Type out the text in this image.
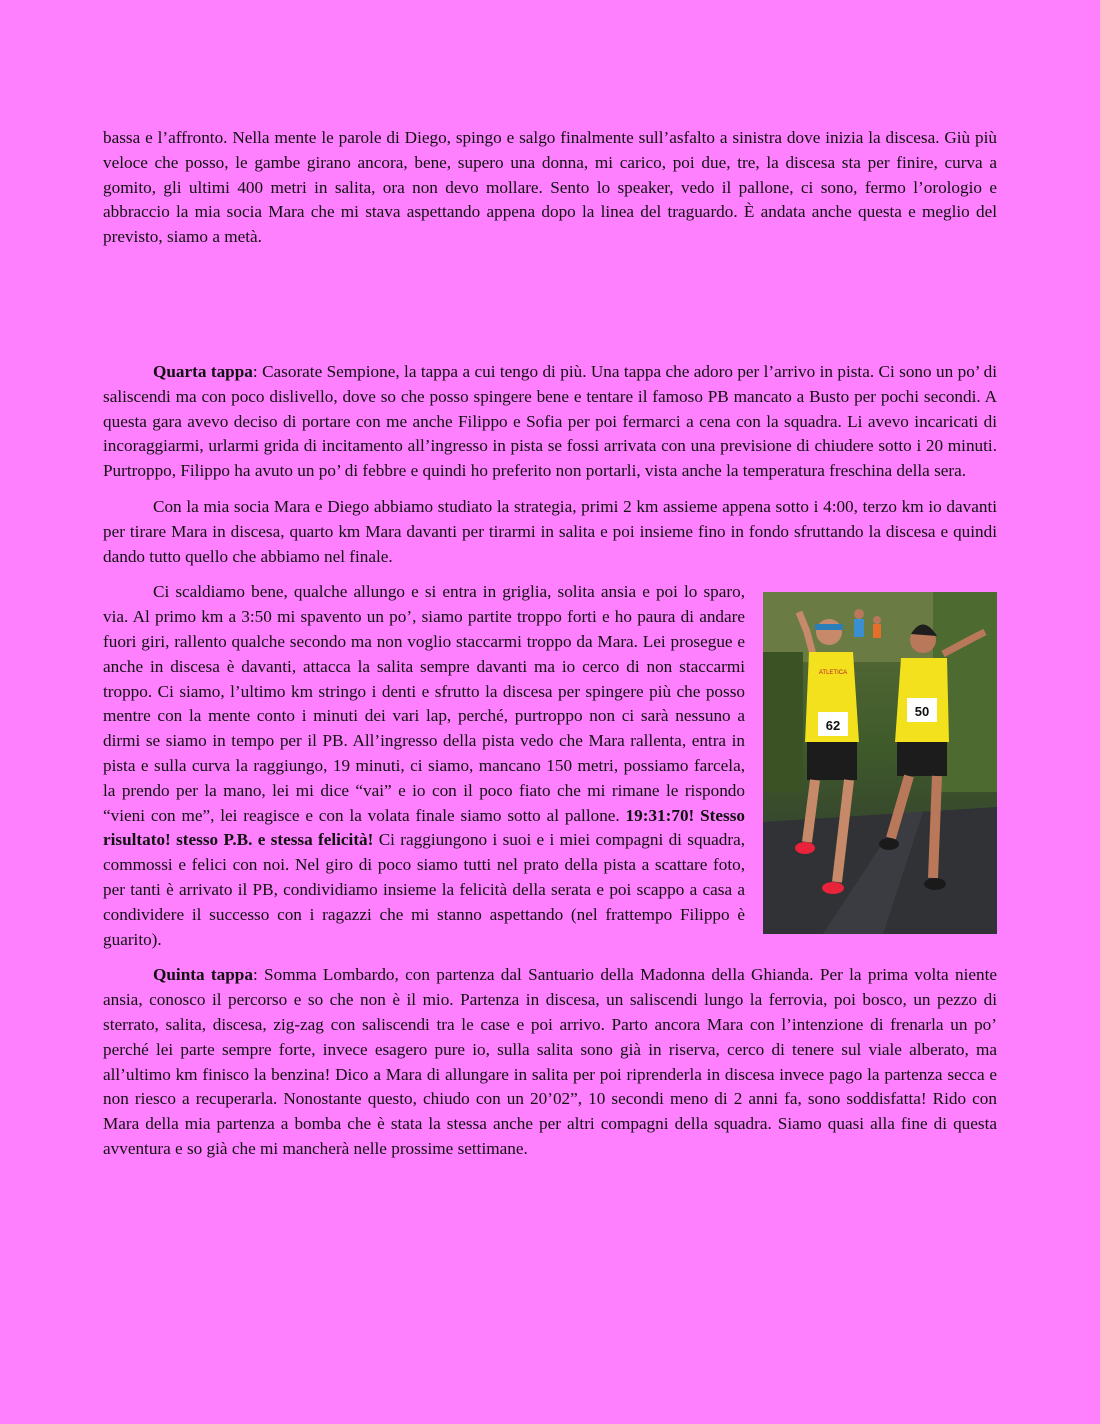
bassa e l’affronto. Nella mente le parole di Diego, spingo e salgo finalmente sull’asfalto a sinistra dove inizia la discesa. Giù più veloce che posso, le gambe girano ancora, bene, supero una donna, mi carico, poi due, tre, la discesa sta per finire, curva a gomito, gli ultimi 400 metri in salita, ora non devo mollare. Sento lo speaker, vedo il pallone, ci sono, fermo l’orologio e abbraccio la mia socia Mara che mi stava aspettando appena dopo la linea del traguardo. È andata anche questa e meglio del previsto, siamo a metà.

Quarta tappa: Casorate Sempione, la tappa a cui tengo di più. Una tappa che adoro per l’arrivo in pista. Ci sono un po’ di saliscendi ma con poco dislivello, dove so che posso spingere bene e tentare il famoso PB mancato a Busto per pochi secondi. A questa gara avevo deciso di portare con me anche Filippo e Sofia per poi fermarci a cena con la squadra. Li avevo incaricati di incoraggiarmi, urlarmi grida di incitamento all’ingresso in pista se fossi arrivata con una previsione di chiudere sotto i 20 minuti. Purtroppo, Filippo ha avuto un po’ di febbre e quindi ho preferito non portarli, vista anche la temperatura freschina della sera.

Con la mia socia Mara e Diego abbiamo studiato la strategia, primi 2 km assieme appena sotto i 4:00, terzo km io davanti per tirare Mara in discesa, quarto km Mara davanti per tirarmi in salita e poi insieme fino in fondo sfruttando la discesa e quindi dando tutto quello che abbiamo nel finale.

62
ATLETICA
50

Ci scaldiamo bene, qualche allungo e si entra in griglia, solita ansia e poi lo sparo, via. Al primo km a 3:50 mi spavento un po’, siamo partite troppo forti e ho paura di andare fuori giri, rallento qualche secondo ma non voglio staccarmi troppo da Mara. Lei prosegue e anche in discesa è davanti, attacca la salita sempre davanti ma io cerco di non staccarmi troppo. Ci siamo, l’ultimo km stringo i denti e sfrutto la discesa per spingere più che posso mentre con la mente conto i minuti dei vari lap, perché, purtroppo non ci sarà nessuno a dirmi se siamo in tempo per il PB. All’ingresso della pista vedo che Mara rallenta, entra in pista e sulla curva la raggiungo, 19 minuti, ci siamo, mancano 150 metri, possiamo farcela, la prendo per la mano, lei mi dice “vai” e io con il poco fiato che mi rimane le rispondo “vieni con me”, lei reagisce e con la volata finale siamo sotto al pallone. 19:31:70! Stesso risultato! stesso P.B. e stessa felicità! Ci raggiungono i suoi e i miei compagni di squadra, commossi e felici con noi. Nel giro di poco siamo tutti nel prato della pista a scattare foto, per tanti è arrivato il PB, condividiamo insieme la felicità della serata e poi scappo a casa a condividere il successo con i ragazzi che mi stanno aspettando (nel frattempo Filippo è guarito).

Quinta tappa: Somma Lombardo, con partenza dal Santuario della Madonna della Ghianda. Per la prima volta niente ansia, conosco il percorso e so che non è il mio. Partenza in discesa, un saliscendi lungo la ferrovia, poi bosco, un pezzo di sterrato, salita, discesa, zig-zag con saliscendi tra le case e poi arrivo. Parto ancora Mara con l’intenzione di frenarla un po’ perché lei parte sempre forte, invece esagero pure io, sulla salita sono già in riserva, cerco di tenere sul viale alberato, ma all’ultimo km finisco la benzina! Dico a Mara di allungare in salita per poi riprenderla in discesa invece pago la partenza secca e non riesco a recuperarla. Nonostante questo, chiudo con un 20’02”, 10 secondi meno di 2 anni fa, sono soddisfatta! Rido con Mara della mia partenza a bomba che è stata la stessa anche per altri compagni della squadra. Siamo quasi alla fine di questa avventura e so già che mi mancherà nelle prossime settimane.
